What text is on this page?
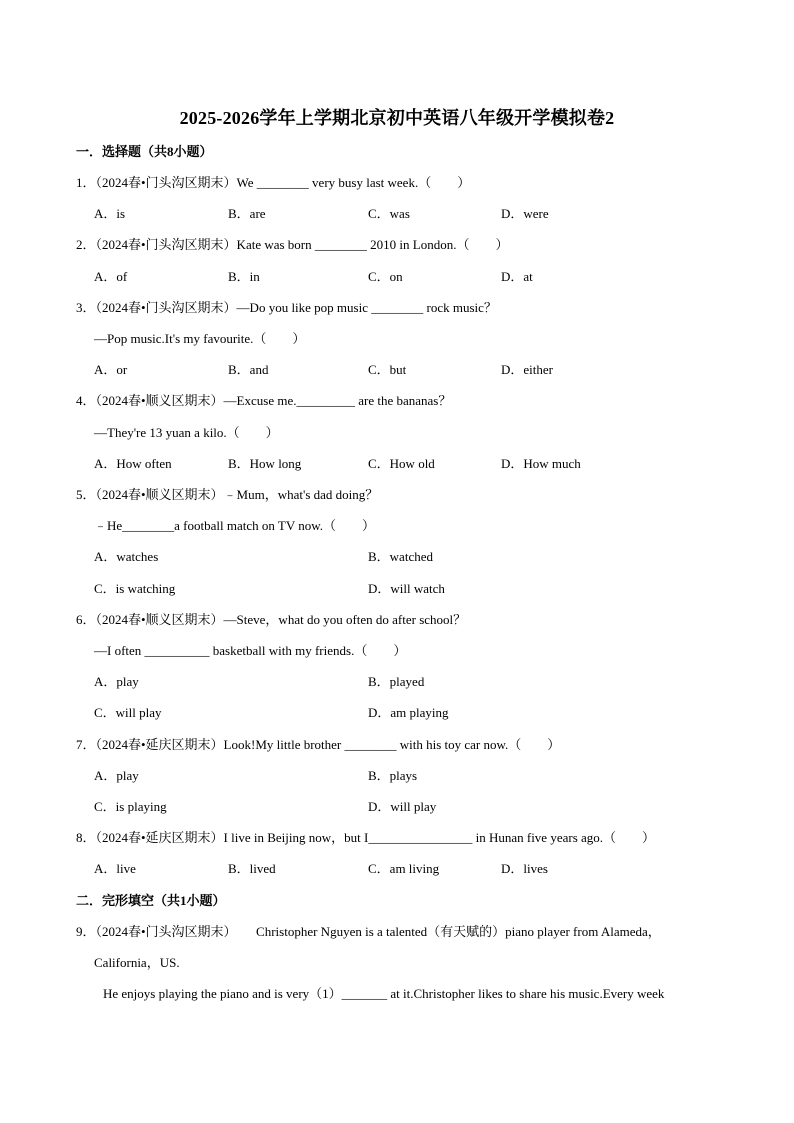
2025-2026学年上学期北京初中英语八年级开学模拟卷2
一．选择题（共8小题）
1．（2024春•门头沟区期末）We ________ very busy last week.（　　）
A．is	B．are	C．was	D．were
2．（2024春•门头沟区期末）Kate was born ________ 2010 in London.（　　）
A．of	B．in	C．on	D．at
3．（2024春•门头沟区期末）—Do you like pop music ________ rock music？
—Pop music.It's my favourite.（　　）
A．or	B．and	C．but	D．either
4．（2024春•顺义区期末）—Excuse me._________ are the bananas？
—They're 13 yuan a kilo.（　　）
A．How often	B．How long	C．How old	D．How much
5．（2024春•顺义区期末）﹣Mum，what's dad doing？
﹣He________a football match on TV now.（　　）
A．watches	B．watched
C．is watching	D．will watch
6．（2024春•顺义区期末）—Steve，what do you often do after school？
—I often __________ basketball with my friends.（　　）
A．play	B．played
C．will play	D．am playing
7．（2024春•延庆区期末）Look!My little brother ________ with his toy car now.（　　）
A．play	B．plays
C．is playing	D．will play
8．（2024春•延庆区期末）I live in Beijing now，but I________________ in Hunan five years ago.（　　）
A．live	B．lived	C．am living	D．lives
二．完形填空（共1小题）
9．（2024春•门头沟区期末）　　Christopher Nguyen is a talented（有天赋的）piano player from Alameda，
California，US.
He enjoys playing the piano and is very（1）_______ at it.Christopher likes to share his music.Every week
